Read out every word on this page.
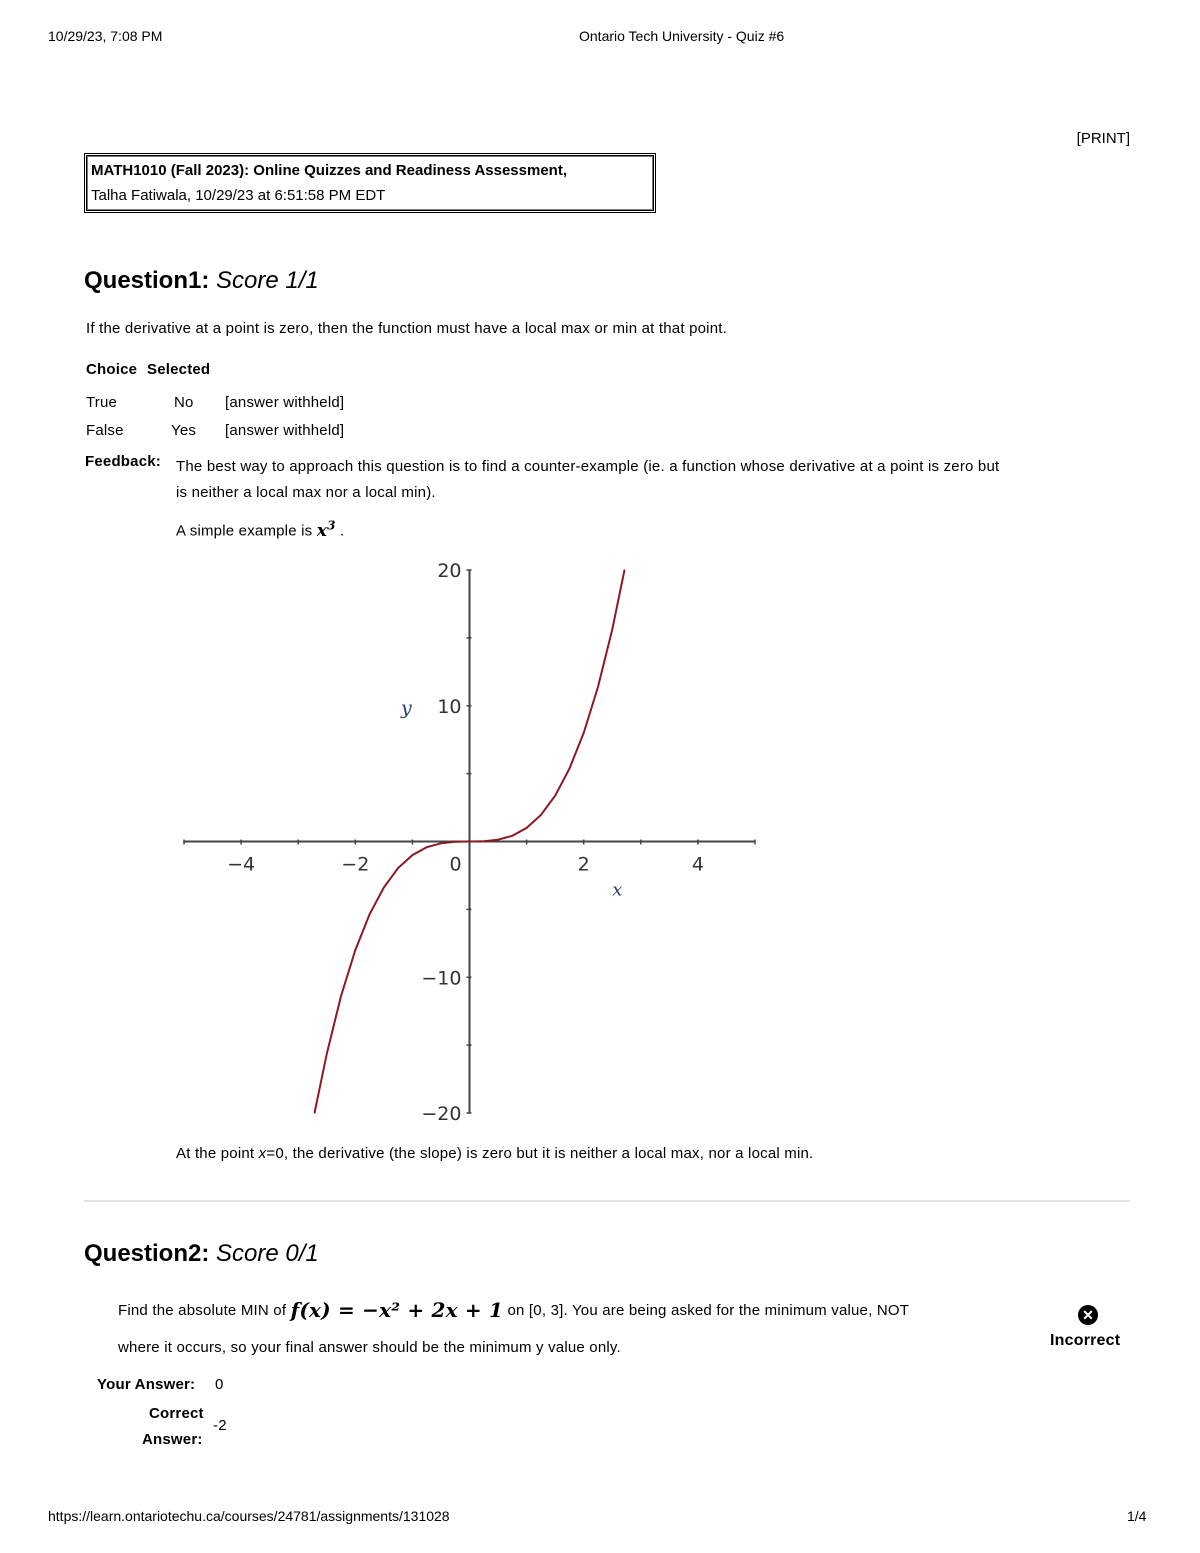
10/29/23, 7:08 PM	Ontario Tech University - Quiz #6
[PRINT]
MATH1010 (Fall 2023): Online Quizzes and Readiness Assessment,
Talha Fatiwala, 10/29/23 at 6:51:58 PM EDT
Question1: Score 1/1
If the derivative at a point is zero, then the function must have a local max or min at that point.
Choice Selected
True	No [answer withheld]
False	Yes [answer withheld]
Feedback: The best way to approach this question is to find a counter-example (ie. a function whose derivative at a point is zero but
is neither a local max nor a local min).
A simple example is $x^3$ .
−4	−2	0	2	4
20
10
−10
−20
x
y
At the point x=0, the derivative (the slope) is zero but it is neither a local max, nor a local min.
Question2: Score 0/1
Find the absolute MIN of f(x) = −x² + 2x + 1 on [0, 3]. You are being asked for the minimum value, NOT
where it occurs, so your final answer should be the minimum y value only.
✕
Incorrect
Your Answer: 0
Correct
Answer:
-2
https://learn.ontariotechu.ca/courses/24781/assignments/131028	1/4
